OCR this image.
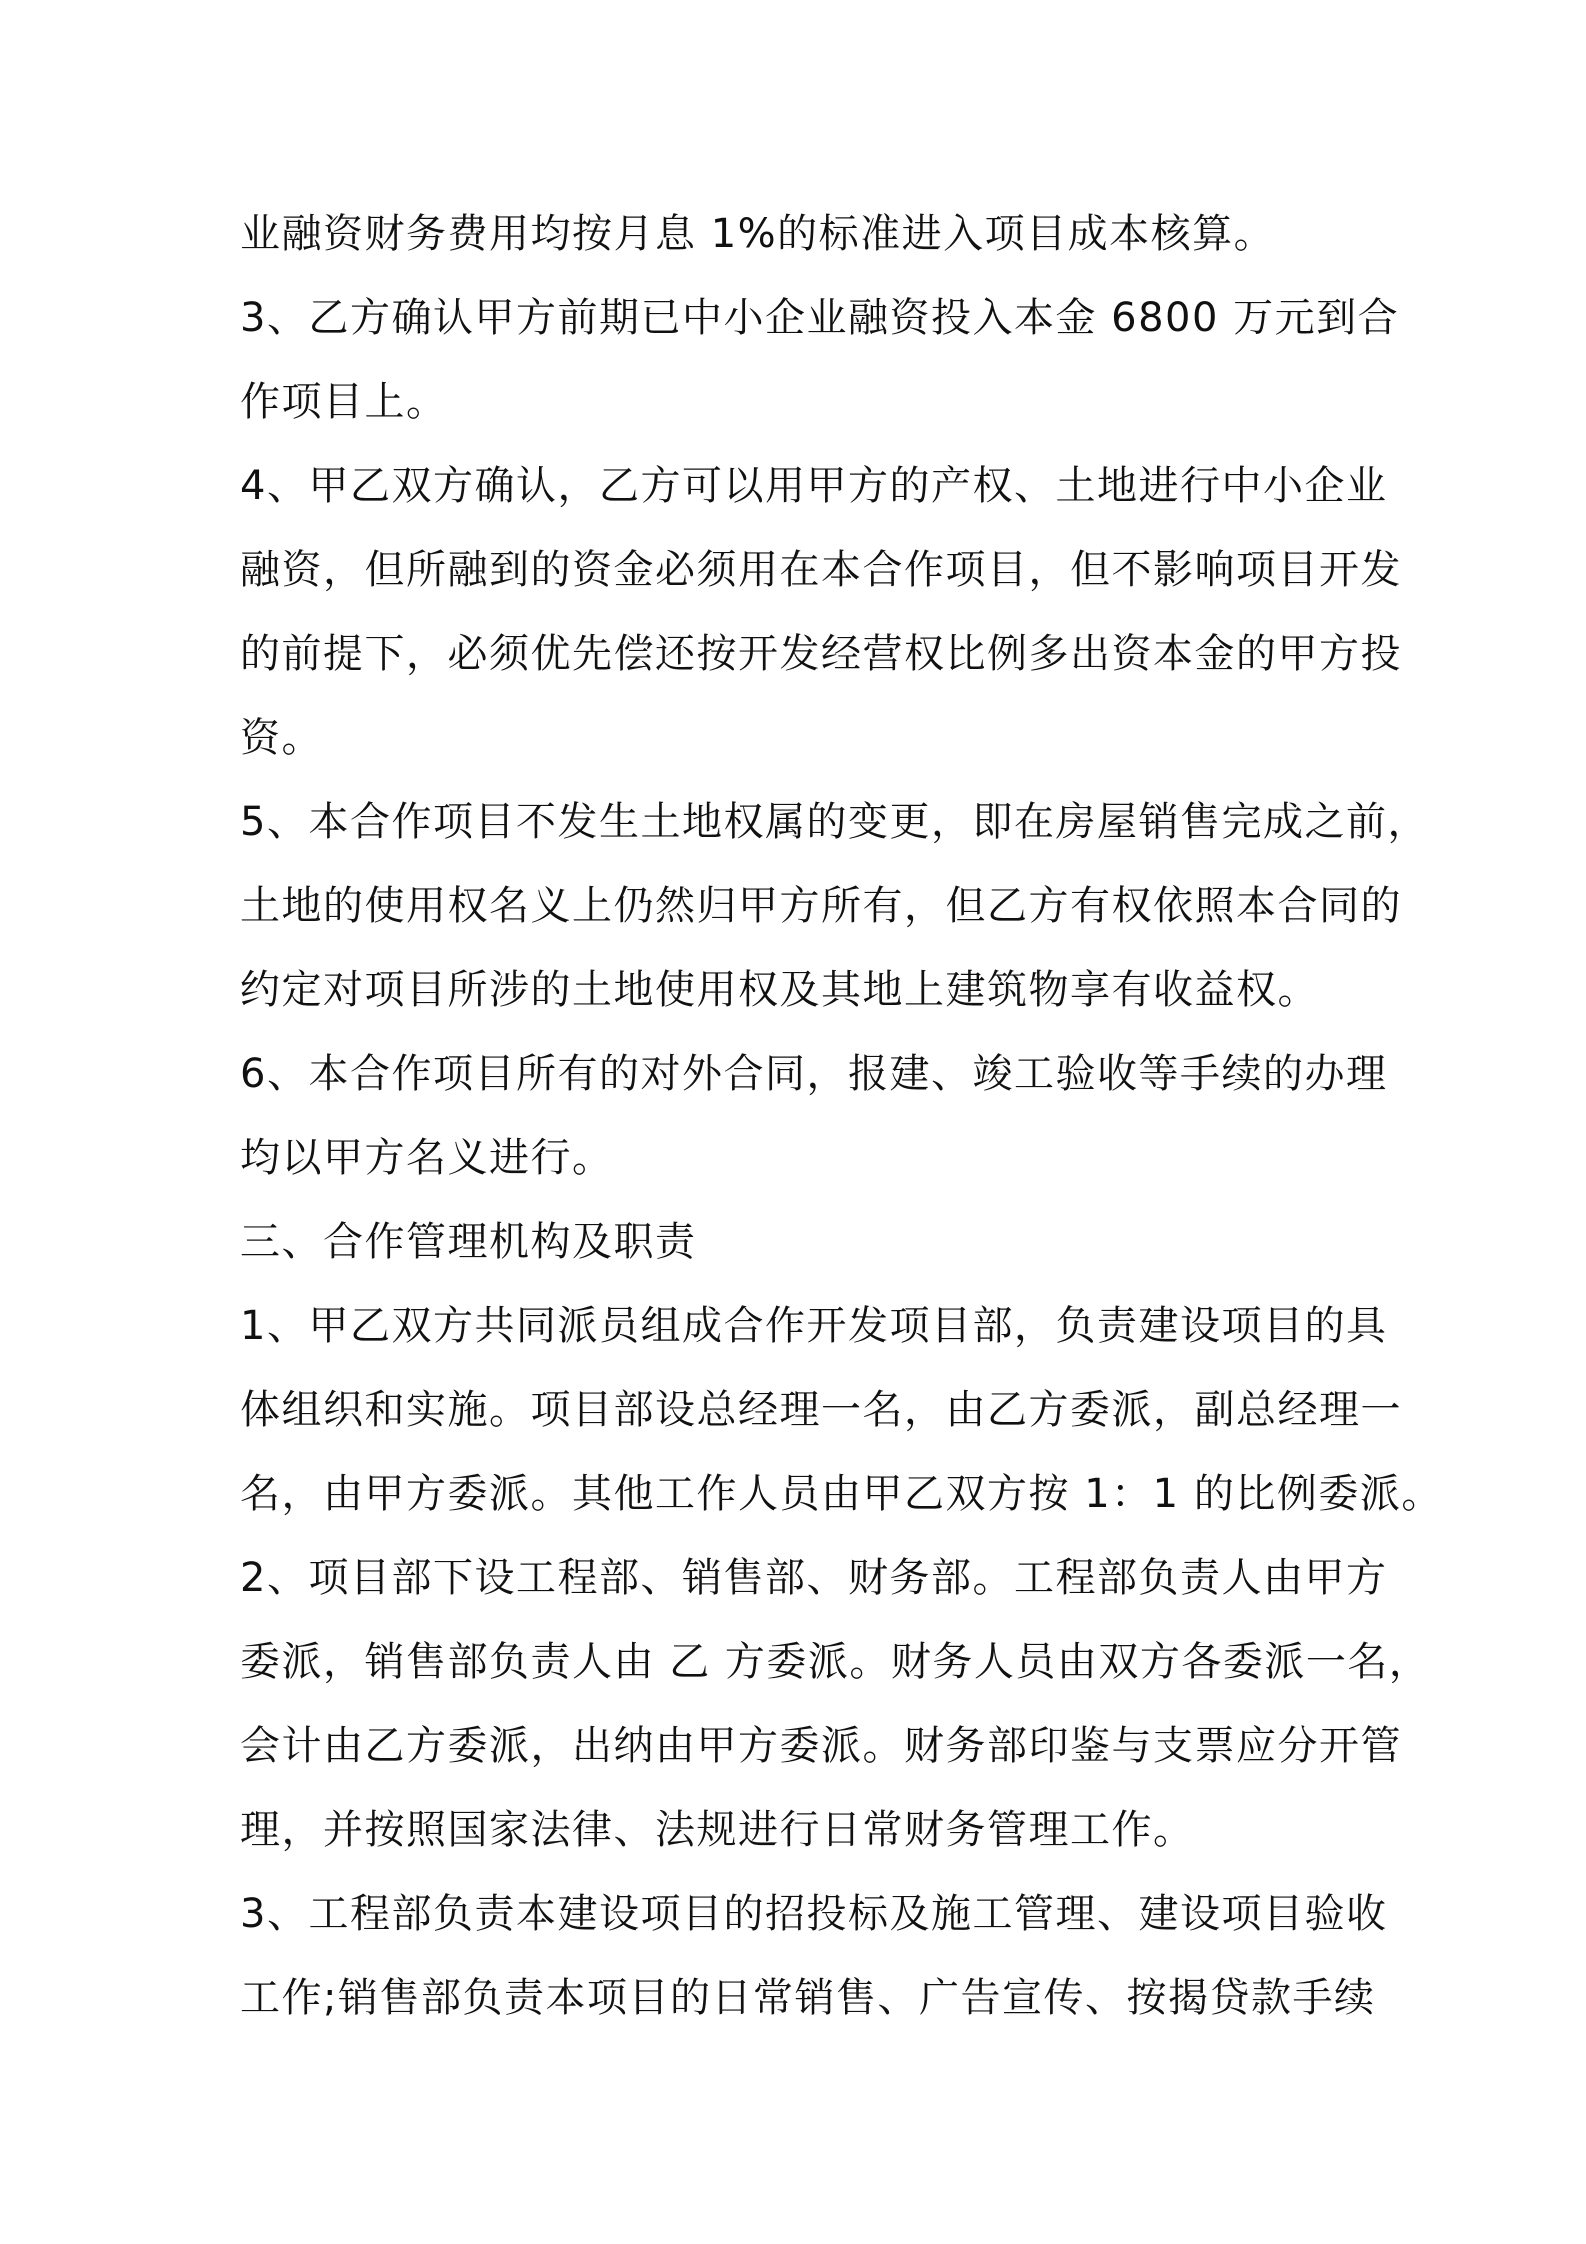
业融资财务费用均按月息 1%的标准进入项目成本核算。
3、乙方确认甲方前期已中小企业融资投入本金 6800 万元到合
作项目上。
4、甲乙双方确认，乙方可以用甲方的产权、土地进行中小企业
融资，但所融到的资金必须用在本合作项目，但不影响项目开发
的前提下，必须优先偿还按开发经营权比例多出资本金的甲方投
资。
5、本合作项目不发生土地权属的变更，即在房屋销售完成之前，
土地的使用权名义上仍然归甲方所有，但乙方有权依照本合同的
约定对项目所涉的土地使用权及其地上建筑物享有收益权。
6、本合作项目所有的对外合同，报建、竣工验收等手续的办理
均以甲方名义进行。
三、合作管理机构及职责
1、甲乙双方共同派员组成合作开发项目部，负责建设项目的具
体组织和实施。项目部设总经理一名，由乙方委派，副总经理一
名，由甲方委派。其他工作人员由甲乙双方按 1：1 的比例委派。
2、项目部下设工程部、销售部、财务部。工程部负责人由甲方
委派，销售部负责人由 乙 方委派。财务人员由双方各委派一名，
会计由乙方委派，出纳由甲方委派。财务部印鉴与支票应分开管
理，并按照国家法律、法规进行日常财务管理工作。
3、工程部负责本建设项目的招投标及施工管理、建设项目验收
工作;销售部负责本项目的日常销售、广告宣传、按揭贷款手续
